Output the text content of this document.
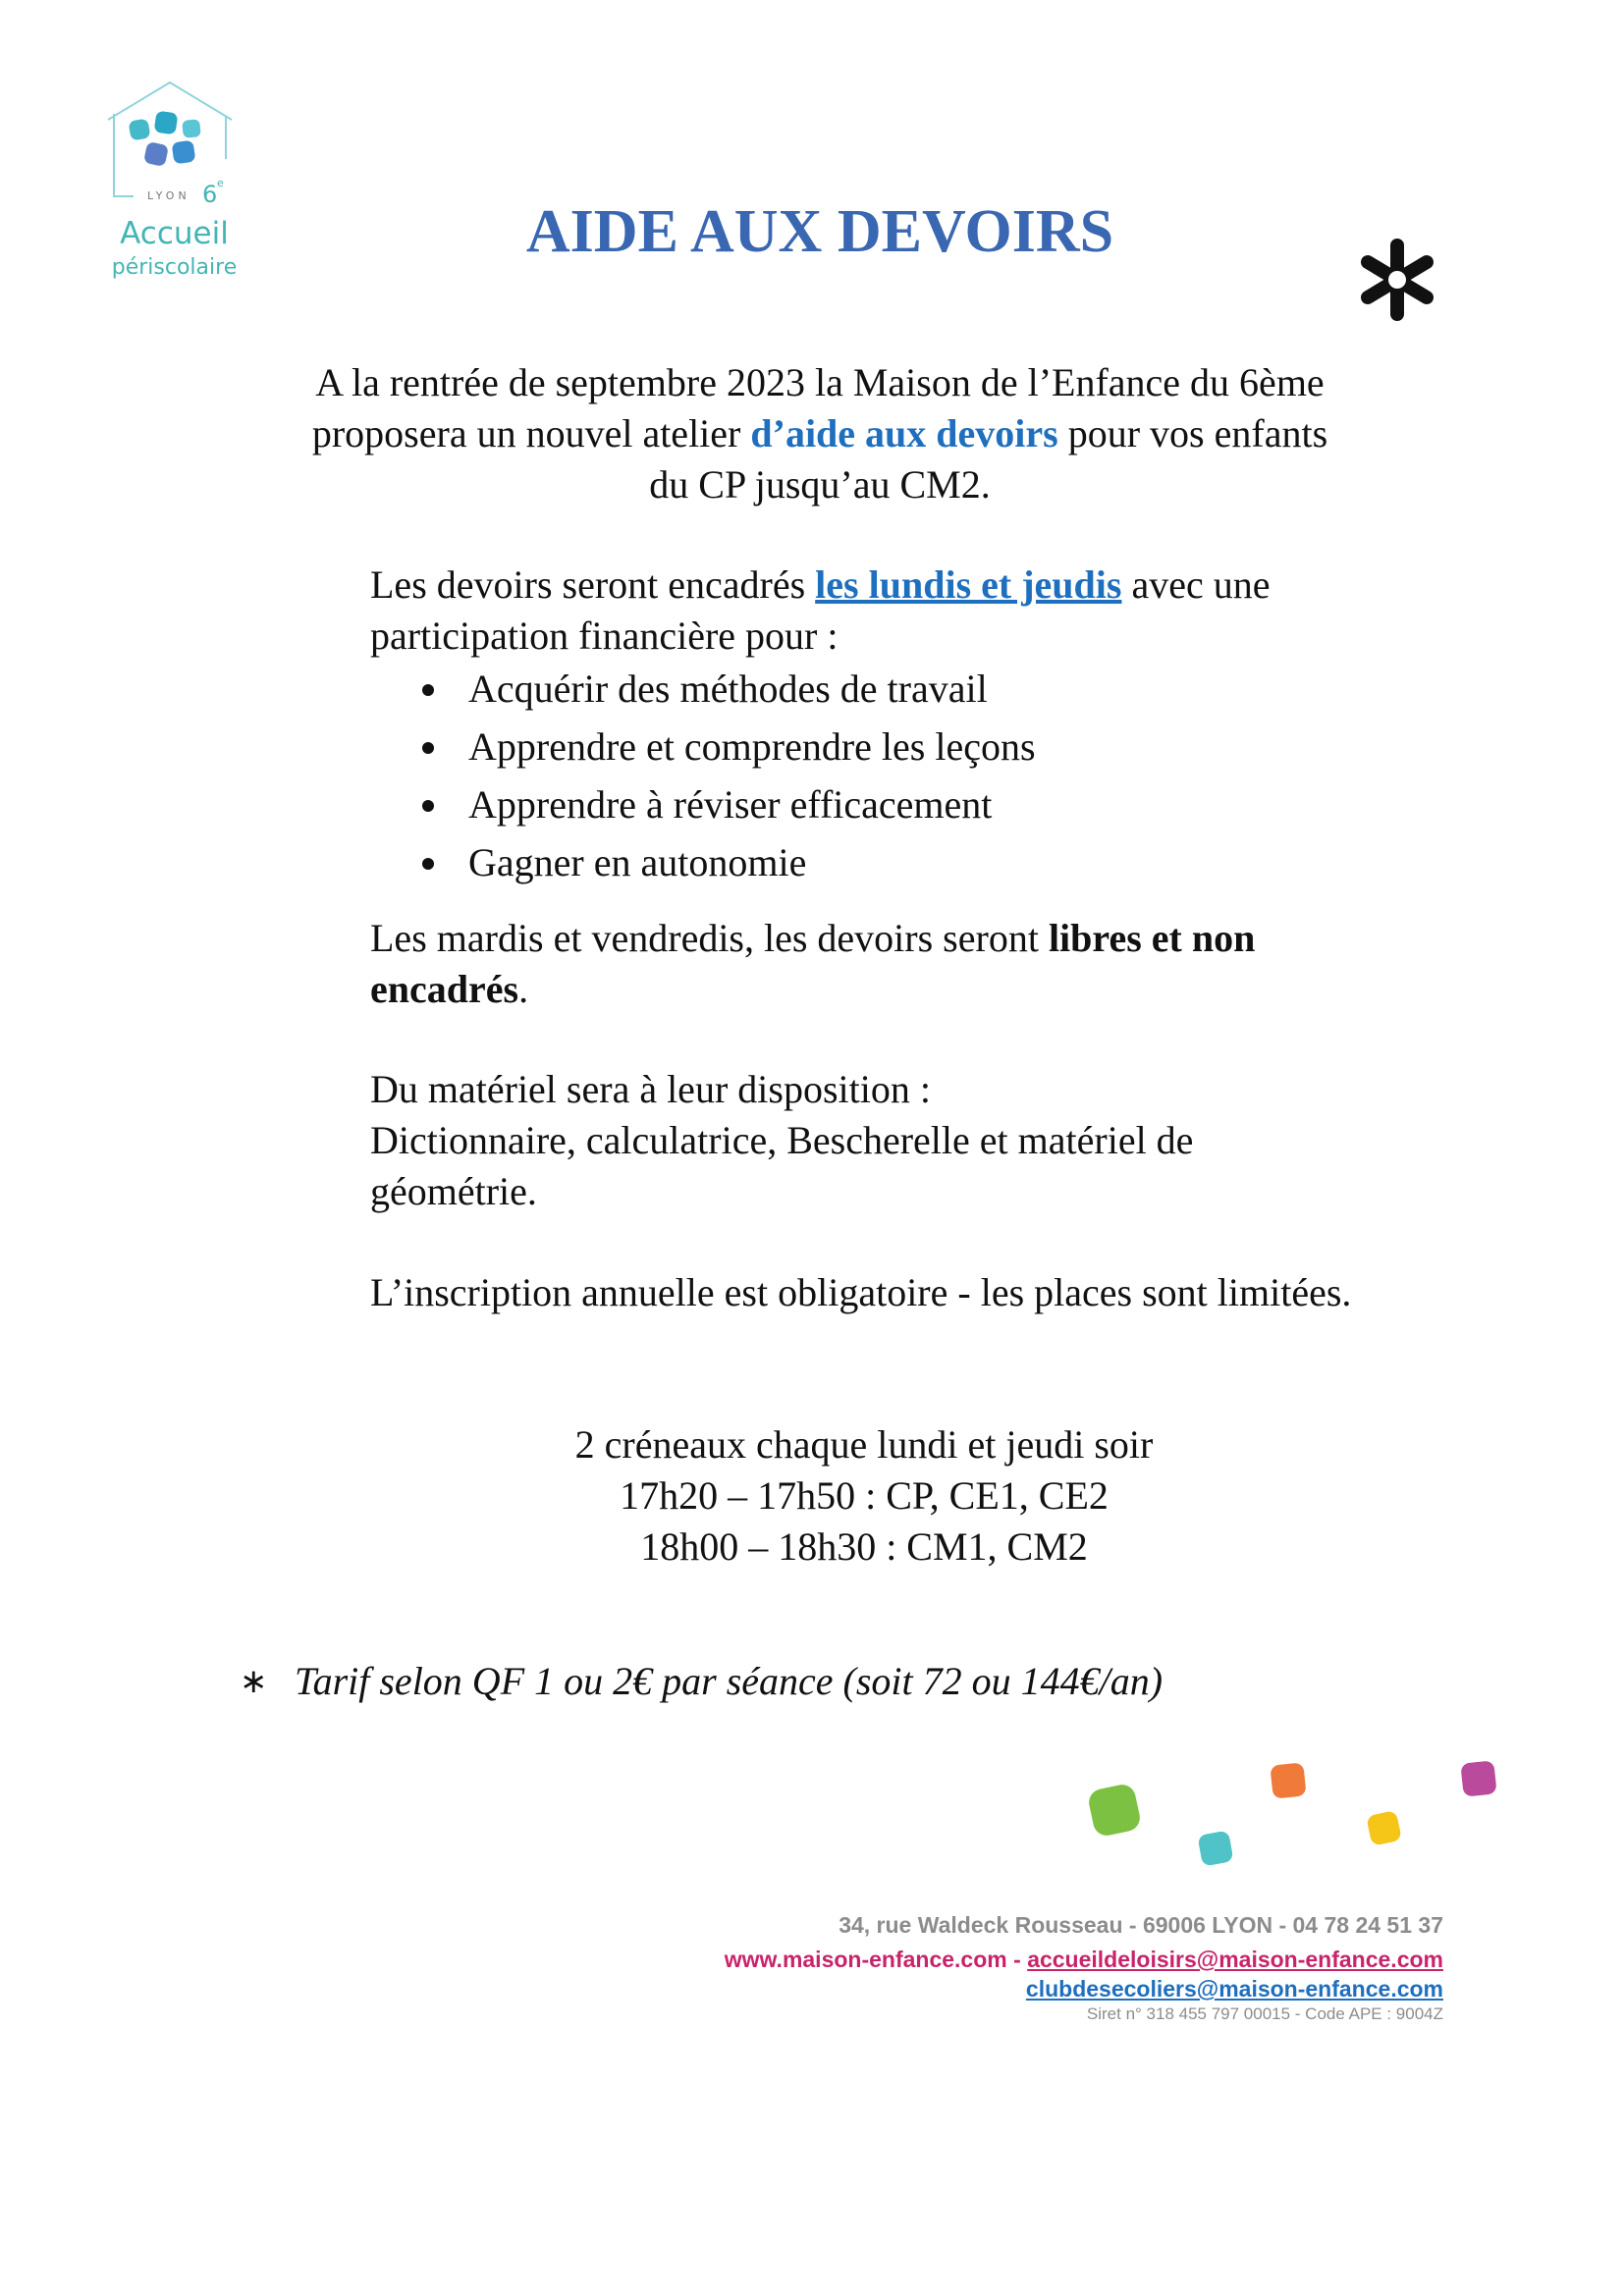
LYON 6 e
Accueil
périscolaire
AIDE AUX DEVOIRS
A la rentrée de septembre 2023 la Maison de l’Enfance du 6ème proposera un nouvel atelier d’aide aux devoirs pour vos enfants du CP jusqu’au CM2.
Les devoirs seront encadrés les lundis et jeudis avec une participation financière pour :
Acquérir des méthodes de travail
Apprendre et comprendre les leçons
Apprendre à réviser efficacement
Gagner en autonomie
Les mardis et vendredis, les devoirs seront libres et non encadrés.
Du matériel sera à leur disposition :
Dictionnaire, calculatrice, Bescherelle et matériel de géométrie.
L’inscription annuelle est obligatoire - les places sont limitées.
2 créneaux chaque lundi et jeudi soir
17h20 – 17h50 : CP, CE1, CE2
18h00 – 18h30 : CM1, CM2
∗ Tarif selon QF 1 ou 2€ par séance (soit 72 ou 144€/an)
34, rue Waldeck Rousseau - 69006 LYON - 04 78 24 51 37
www.maison-enfance.com - accueildeloisirs@maison-enfance.com
clubdesecoliers@maison-enfance.com
Siret n° 318 455 797 00015 - Code APE : 9004Z
